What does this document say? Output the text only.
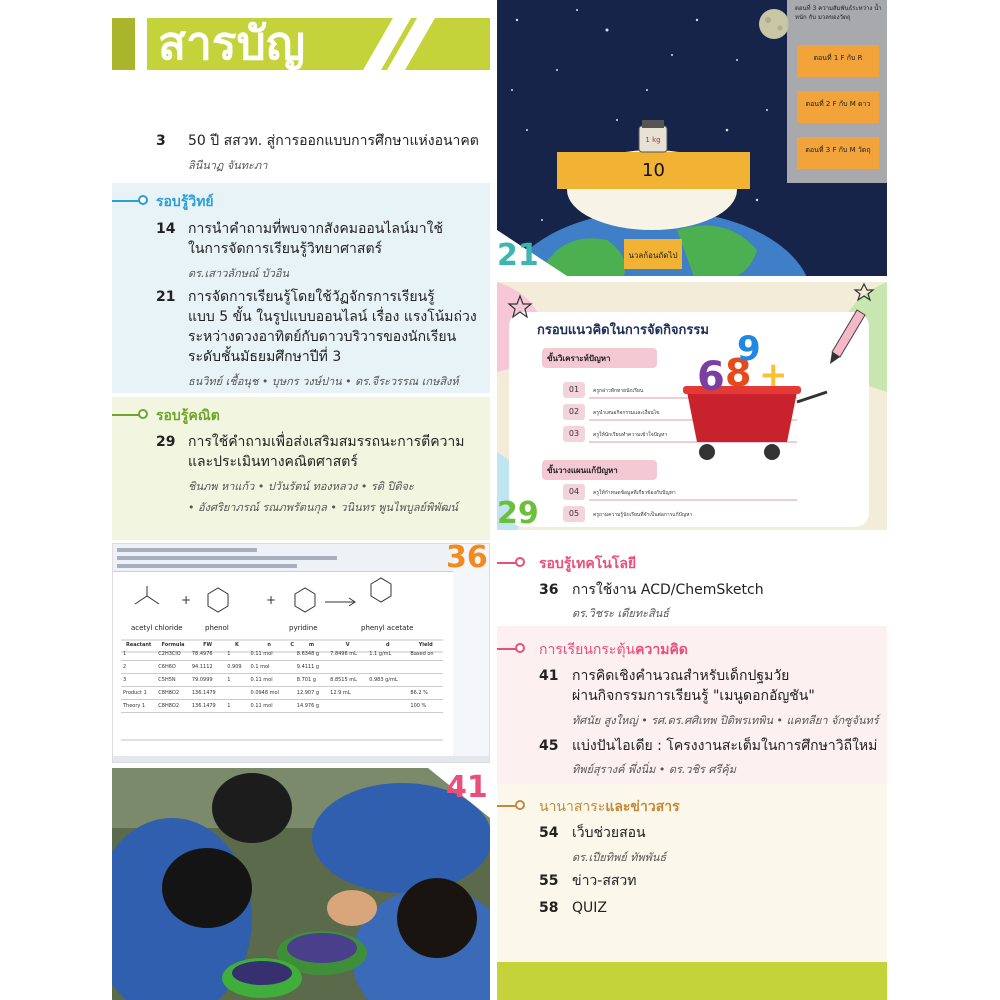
สารบัญ
3 50 ปี สสวท. สู่การออกแบบการศึกษาแห่งอนาคต
ลินีนาฏ จันทะภา
รอบรู้วิทย์
14 การนำคำถามที่พบจากสังคมออนไลน์มาใช้
ในการจัดการเรียนรู้วิทยาศาสตร์
ดร.เสาวลักษณ์ บัวอิน
21 การจัดการเรียนรู้โดยใช้วัฏจักรการเรียนรู้
แบบ 5 ขั้น ในรูปแบบออนไลน์ เรื่อง แรงโน้มถ่วง
ระหว่างดวงอาทิตย์กับดาวบริวารของนักเรียน
ระดับชั้นมัธยมศึกษาปีที่ 3
ธนวิทย์ เชื้อนุช • บุษกร วงษ์ปาน • ดร.จีระวรรณ เกษสิงห์
รอบรู้คณิต
29 การใช้คำถามเพื่อส่งเสริมสมรรถนะการตีความ
และประเมินทางคณิตศาสตร์
ชินภพ หาแก้ว • ปวันรัตน์ ทองหลวง • รติ ปิติจะ
• อังศริยาภรณ์ รณภพรัตนกุล • วนินทร พูนไพบูลย์พิพัฒน์
1 kg
10
นวลก้อนถัดไป
ตอนที่ 3 ความสัมพันธ์ระหว่าง น้ำหนัก กับ มวลของวัตถุ
ตอนที่ 1 F กับ R
ตอนที่ 2 F กับ M ดาว
ตอนที่ 3 F กับ M วัตถุ
21
6 8
9
+
กรอบแนวคิดในการจัดกิจกรรม
ขั้นวิเคราะห์ปัญหา
ขั้นวางแผนแก้ปัญหา
01	ครูกล่าวทักทายนักเรียน
02	ครูนำเสนอกิจกรรมและเงื่อนไข
03	ครูให้นักเรียนทำความเข้าใจปัญหา
04	ครูให้กำหนดข้อมูลที่เกี่ยวข้องกับปัญหา
05	ครูถามความรู้นักเรียนที่จำเป็นต่อการแก้ปัญหา
29
+	+
acetyl chloride	phenol	pyridine	phenyl acetate
Reactant	Formula	FW	K	n	C	m	V	d	Yield
1	C2H3ClO	78.4976	1	0.11 mol		8.6348 g	7.8496 mL	1.1 g/mL	Based on
2	C6H6O	94.1112	0.909	0.1 mol		9.4111 g			
3	C5H5N	79.0999	1	0.11 mol		8.701 g	8.8515 mL	0.983 g/mL	
Product 1	C8H8O2	136.1479		0.0948 mol		12.907 g	12.9 mL		86.2 %
Theory 1	C8H8O2	136.1479	1	0.11 mol		14.976 g			100 %
36
41
รอบรู้เทคโนโลยี
36 การใช้งาน ACD/ChemSketch
ดร.วิชระ เดียทะสินธ์
การเรียนกระตุ้นความคิด
41 การคิดเชิงคำนวณสำหรับเด็กปฐมวัย
ผ่านกิจกรรมการเรียนรู้ "เมนูดอกอัญชัน"
ทัศนัย สูงใหญ่ • รศ.ดร.ศศิเทพ ปิติพรเทพิน • แคทลียา จักซูจันทร์
45 แบ่งปันไอเดีย : โครงงานสะเต็มในการศึกษาวิถีใหม่
ทิพย์สุรางค์ พึ่งนิ่ม • ดร.วชิร ศรีคุ้ม
นานาสาระและข่าวสาร
54 เว็บช่วยสอน
ดร.เปียทิพย์ ทัพพันธ์
55 ข่าว-สสวท
58 QUIZ
